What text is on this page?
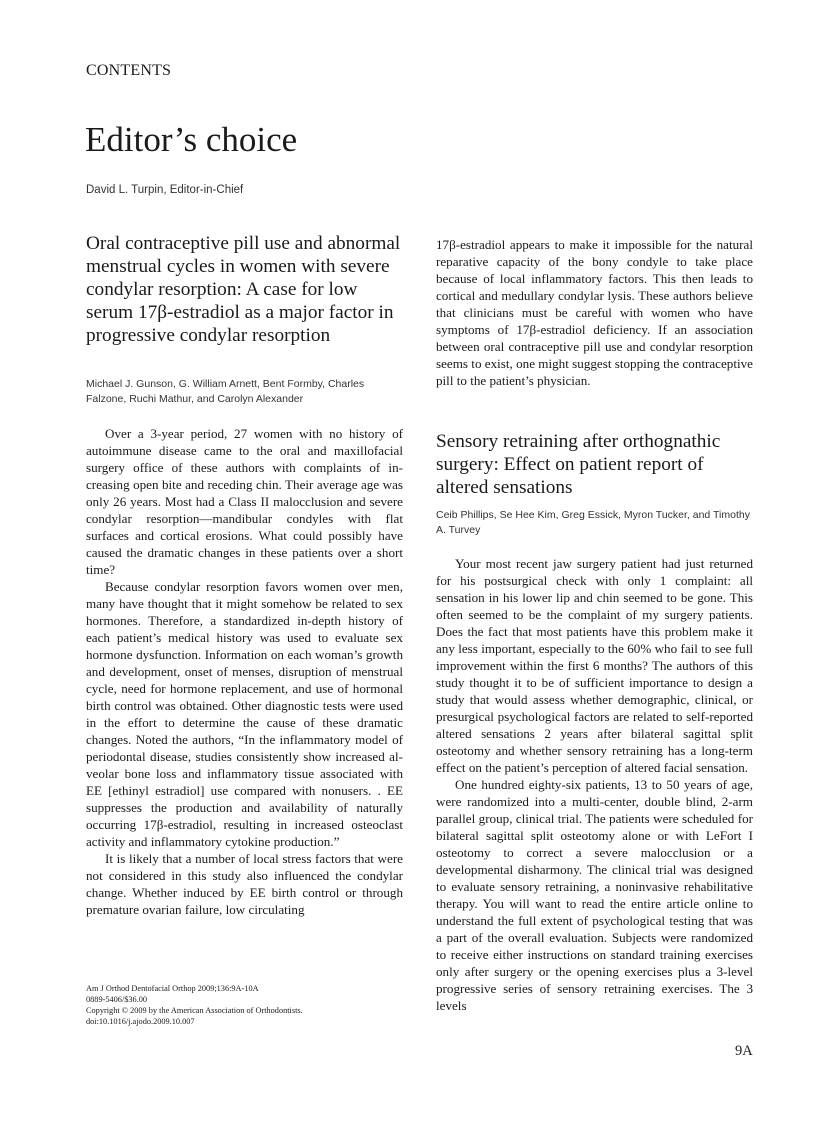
CONTENTS
Editor’s choice
David L. Turpin, Editor-in-Chief
Oral contraceptive pill use and abnormal menstrual cycles in women with severe condylar resorption: A case for low serum 17β-estradiol as a major factor in progressive condylar resorption
Michael J. Gunson, G. William Arnett, Bent Formby, Charles Falzone, Ruchi Mathur, and Carolyn Alexander

Over a 3-year period, 27 women with no history of autoimmune disease came to the oral and maxillofacial surgery office of these authors with complaints of increasing open bite and receding chin. Their average age was only 26 years. Most had a Class II malocclusion and severe condylar resorption—mandibular condyles with flat surfaces and cortical erosions. What could possibly have caused the dramatic changes in these patients over a short time?

Because condylar resorption favors women over men, many have thought that it might somehow be related to sex hormones. Therefore, a standardized in-depth history of each patient’s medical history was used to evaluate sex hormone dysfunction. Information on each woman’s growth and development, onset of menses, disruption of menstrual cycle, need for hormone replacement, and use of hormonal birth control was obtained. Other diagnostic tests were used in the effort to determine the cause of these dramatic changes. Noted the authors, “In the inflammatory model of periodontal disease, studies consistently show increased alveolar bone loss and inflammatory tissue associated with EE [ethinyl estradiol] use compared with nonusers. . EE suppresses the production and availability of naturally occurring 17β-estradiol, resulting in increased osteoclast activity and inflammatory cytokine production.”

It is likely that a number of local stress factors that were not considered in this study also influenced the condylar change. Whether induced by EE birth control or through premature ovarian failure, low circulating

17β-estradiol appears to make it impossible for the natural reparative capacity of the bony condyle to take place because of local inflammatory factors. This then leads to cortical and medullary condylar lysis. These authors believe that clinicians must be careful with women who have symptoms of 17β-estradiol deficiency. If an association between oral contraceptive pill use and condylar resorption seems to exist, one might suggest stopping the contraceptive pill to the patient’s physician.

Sensory retraining after orthognathic surgery: Effect on patient report of altered sensations
Ceib Phillips, Se Hee Kim, Greg Essick, Myron Tucker, and Timothy A. Turvey

Your most recent jaw surgery patient had just returned for his postsurgical check with only 1 complaint: all sensation in his lower lip and chin seemed to be gone. This often seemed to be the complaint of my surgery patients. Does the fact that most patients have this problem make it any less important, especially to the 60% who fail to see full improvement within the first 6 months? The authors of this study thought it to be of sufficient importance to design a study that would assess whether demographic, clinical, or presurgical psychological factors are related to self-reported altered sensations 2 years after bilateral sagittal split osteotomy and whether sensory retraining has a long-term effect on the patient’s perception of altered facial sensation.

One hundred eighty-six patients, 13 to 50 years of age, were randomized into a multi-center, double blind, 2-arm parallel group, clinical trial. The patients were scheduled for bilateral sagittal split osteotomy alone or with LeFort I osteotomy to correct a severe malocclusion or a developmental disharmony. The clinical trial was designed to evaluate sensory retraining, a noninvasive rehabilitative therapy. You will want to read the entire article online to understand the full extent of psychological testing that was a part of the overall evaluation. Subjects were randomized to receive either instructions on standard training exercises only after surgery or the opening exercises plus a 3-level progressive series of sensory retraining exercises. The 3 levels

Am J Orthod Dentofacial Orthop 2009;136:9A-10A
0889-5406/$36.00
Copyright © 2009 by the American Association of Orthodontists.
doi:10.1016/j.ajodo.2009.10.007
9A
